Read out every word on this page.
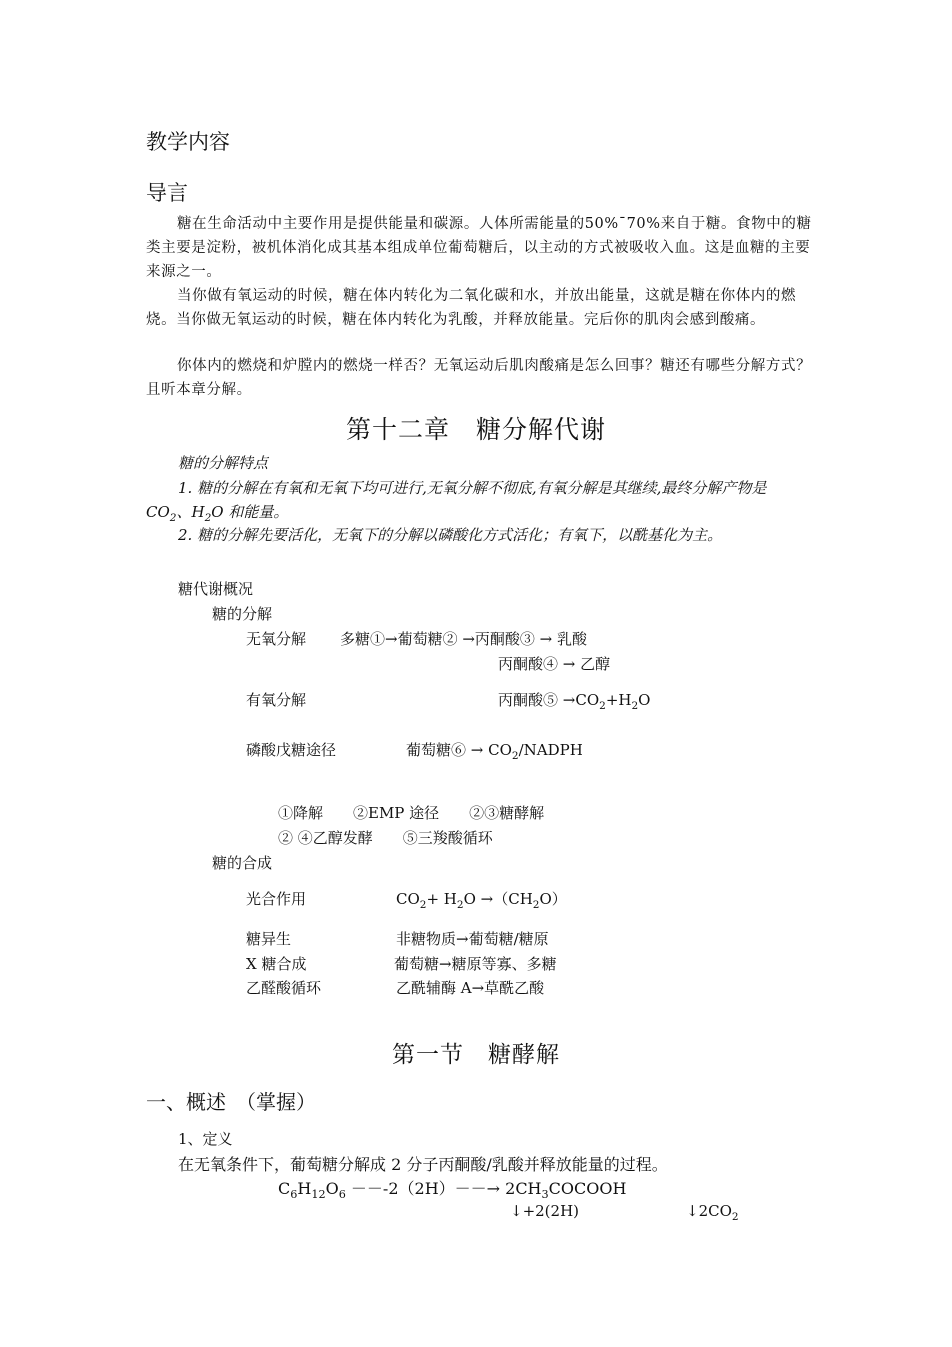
教学内容
导言
糖在生命活动中主要作用是提供能量和碳源。人体所需能量的50%¯70%来自于糖。食物中的糖类主要是淀粉，被机体消化成其基本组成单位葡萄糖后，以主动的方式被吸收入血。这是血糖的主要来源之一。
当你做有氧运动的时候，糖在体内转化为二氧化碳和水，并放出能量，这就是糖在你体内的燃烧。当你做无氧运动的时候，糖在体内转化为乳酸，并释放能量。完后你的肌肉会感到酸痛。
你体内的燃烧和炉膛内的燃烧一样否？无氧运动后肌肉酸痛是怎么回事？糖还有哪些分解方式？且听本章分解。
第十二章　糖分解代谢
糖的分解特点
1. 糖的分解在有氧和无氧下均可进行,无氧分解不彻底,有氧分解是其继续,最终分解产物是 $CO_2$、$H_2O$ 和能量。
2. 糖的分解先要活化，无氧下的分解以磷酸化方式活化；有氧下，以酰基化为主。
糖代谢概况
糖的分解
无氧分解 多糖①→葡萄糖② →丙酮酸③ → 乳酸
丙酮酸④ → 乙醇
有氧分解	丙酮酸⑤ $\to CO_2+H_2O$
磷酸戊糖途径	葡萄糖⑥ → $CO_2$/NADPH
①降解　　②EMP 途径　　②③糖酵解
② ④乙醇发酵　　⑤三羧酸循环
糖的合成
光合作用	$CO_2+ H_2O \to(CH_2O)$
糖异生	非糖物质→葡萄糖/糖原
X 糖合成	葡萄糖→糖原等寡、多糖
乙醛酸循环	乙酰辅酶 A→草酰乙酸
第一节　糖酵解
一、概述　（掌握）
1、定义
在无氧条件下，葡萄糖分解成 2 分子丙酮酸/乳酸并释放能量的过程。
$C_6H_{12}O_6 ---2(2H)--\to$ $2CH_3COCOOH$
↓+2(2H)	$↓2CO_2$
